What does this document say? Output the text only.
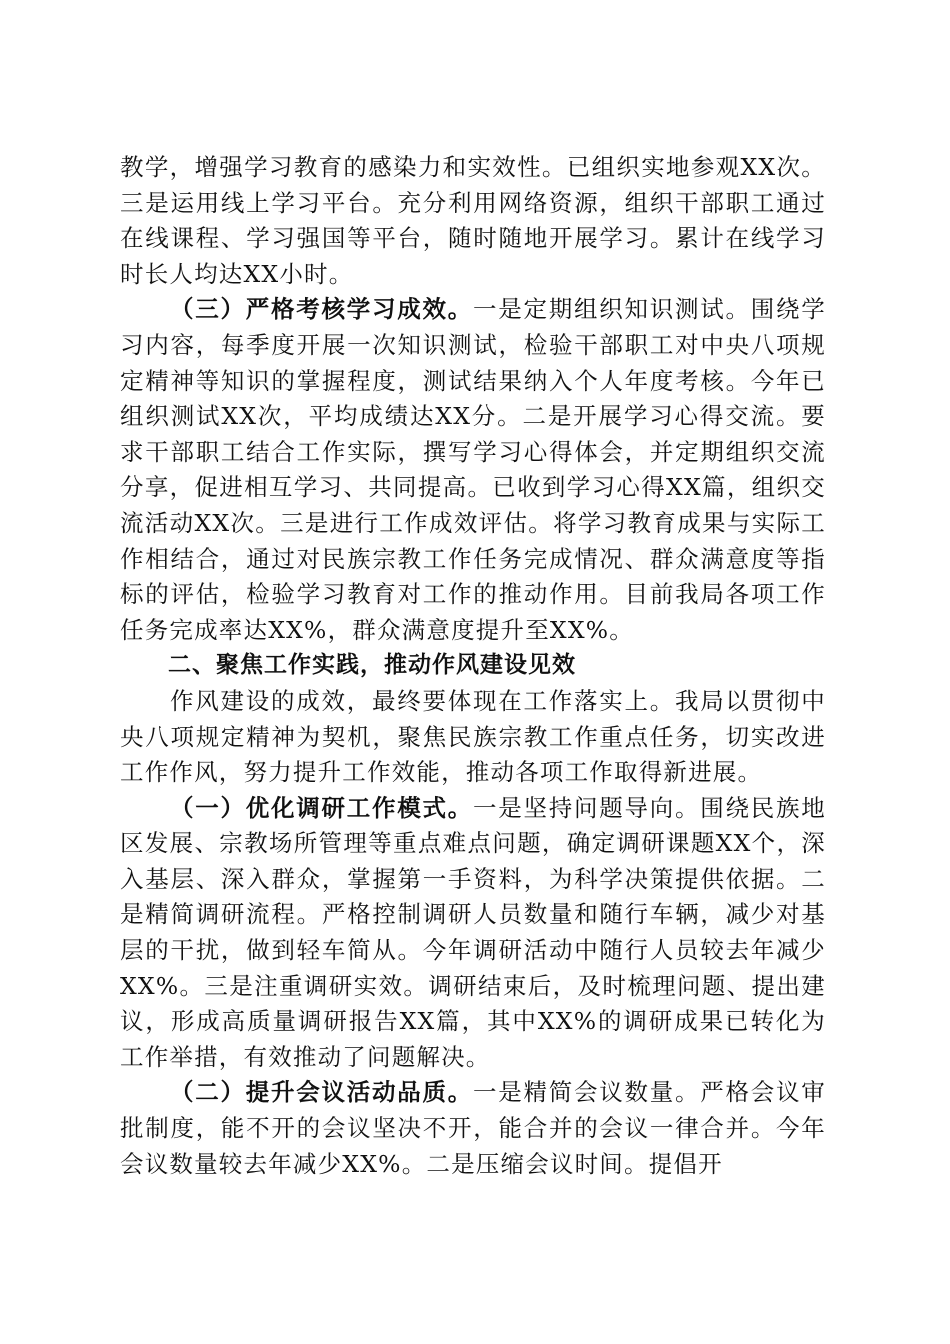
教学，增强学习教育的感染力和实效性。已组织实地参观XX次。三是运用线上学习平台。充分利用网络资源，组织干部职工通过在线课程、学习强国等平台，随时随地开展学习。累计在线学习时长人均达XX小时。

（三）严格考核学习成效。一是定期组织知识测试。围绕学习内容，每季度开展一次知识测试，检验干部职工对中央八项规定精神等知识的掌握程度，测试结果纳入个人年度考核。今年已组织测试XX次，平均成绩达XX分。二是开展学习心得交流。要求干部职工结合工作实际，撰写学习心得体会，并定期组织交流分享，促进相互学习、共同提高。已收到学习心得XX篇，组织交流活动XX次。三是进行工作成效评估。将学习教育成果与实际工作相结合，通过对民族宗教工作任务完成情况、群众满意度等指标的评估，检验学习教育对工作的推动作用。目前我局各项工作任务完成率达XX%，群众满意度提升至XX%。

二、聚焦工作实践，推动作风建设见效

作风建设的成效，最终要体现在工作落实上。我局以贯彻中央八项规定精神为契机，聚焦民族宗教工作重点任务，切实改进工作作风，努力提升工作效能，推动各项工作取得新进展。

（一）优化调研工作模式。一是坚持问题导向。围绕民族地区发展、宗教场所管理等重点难点问题，确定调研课题XX个，深入基层、深入群众，掌握第一手资料，为科学决策提供依据。二是精简调研流程。严格控制调研人员数量和随行车辆，减少对基层的干扰，做到轻车简从。今年调研活动中随行人员较去年减少XX%。三是注重调研实效。调研结束后，及时梳理问题、提出建议，形成高质量调研报告XX篇，其中XX%的调研成果已转化为工作举措，有效推动了问题解决。

（二）提升会议活动品质。一是精简会议数量。严格会议审批制度，能不开的会议坚决不开，能合并的会议一律合并。今年会议数量较去年减少XX%。二是压缩会议时间。提倡开
